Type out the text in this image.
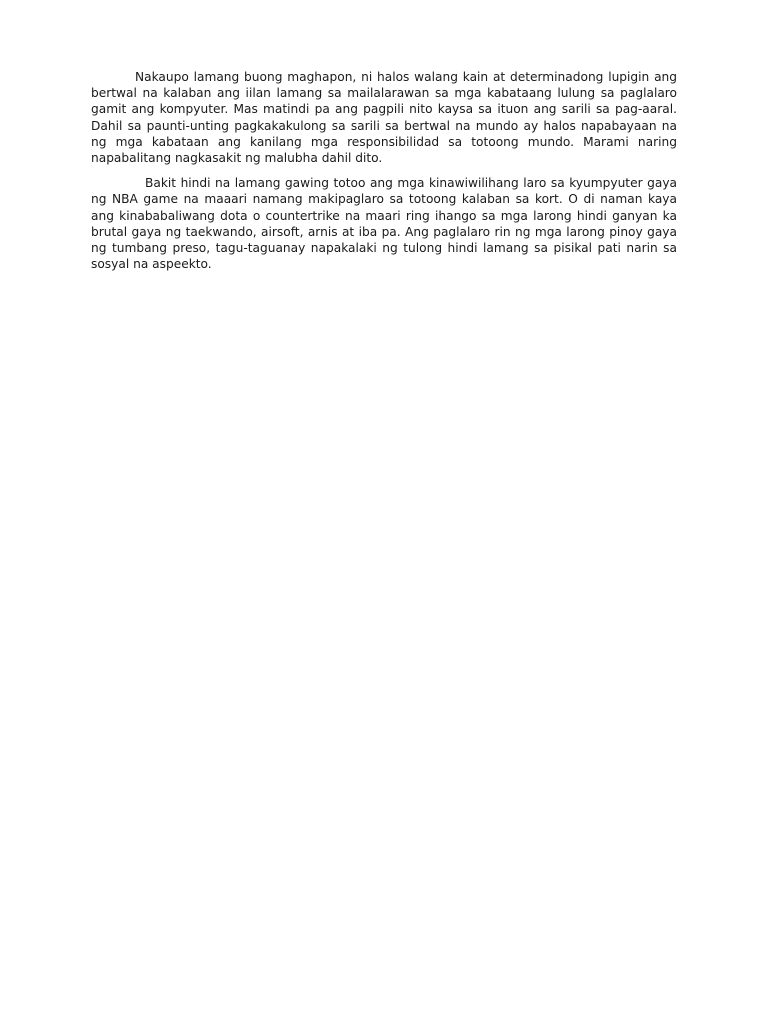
Nakaupo lamang buong maghapon, ni halos walang kain at determinadong lupigin ang bertwal na kalaban ang iilan lamang sa mailalarawan sa mga kabataang lulung sa paglalaro gamit ang kompyuter. Mas matindi pa ang pagpili nito kaysa sa ituon ang sarili sa pag-aaral. Dahil sa paunti-unting pagkakakulong sa sarili sa bertwal na mundo ay halos napabayaan na ng mga kabataan ang kanilang mga responsibilidad sa totoong mundo. Marami naring napabalitang nagkasakit ng malubha dahil dito.

Bakit hindi na lamang gawing totoo ang mga kinawiwilihang laro sa kyumpyuter gaya ng NBA game na maaari namang makipaglaro sa totoong kalaban sa kort. O di naman kaya ang kinababaliwang dota o countertrike na maari ring ihango sa mga larong hindi ganyan ka brutal gaya ng taekwando, airsoft, arnis at iba pa. Ang paglalaro rin ng mga larong pinoy gaya ng tumbang preso, tagu-taguanay napakalaki ng tulong hindi lamang sa pisikal pati narin sa sosyal na aspeekto.
